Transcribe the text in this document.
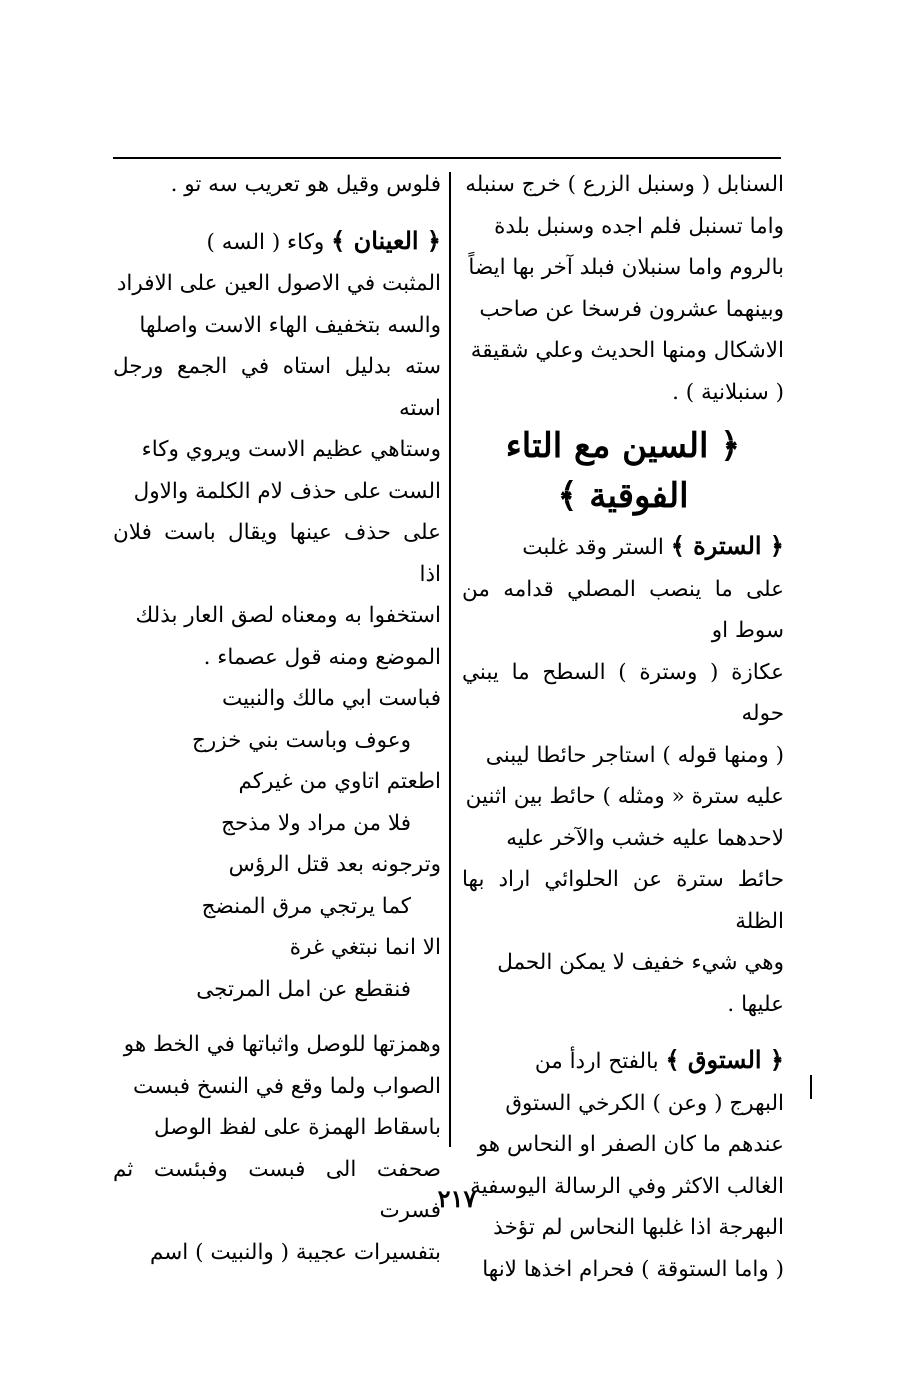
السنابل ( وسنبل الزرع ) خرج سنبله

واما تسنبل فلم اجده وسنبل بلدة

بالروم واما سنبلان فبلد آخر بها ايضاً

وبينهما عشرون فرسخا عن صاحب

الاشكال ومنها الحديث وعلي شقيقة

( سنبلانية ) .

﴿ السين مع التاء الفوقية ﴾

﴿ السترة ﴾ الستر وقد غلبت

على ما ينصب المصلي قدامه من سوط او

عكازة ( وسترة ) السطح ما يبني حوله

( ومنها قوله ) استاجر حائطا ليبنى

عليه سترة « ومثله ) حائط بين اثنين

لاحدهما عليه خشب والآخر عليه

حائط سترة عن الحلوائي اراد بها الظلة

وهي شيء خفيف لا يمكن الحمل

عليها .

﴿ الستوق ﴾ بالفتح اردأ من

البهرج ( وعن ) الكرخي الستوق

عندهم ما كان الصفر او النحاس هو

الغالب الاكثر وفي الرسالة اليوسفية

البهرجة اذا غلبها النحاس لم تؤخذ

( واما الستوقة ) فحرام اخذها لانها

فلوس وقيل هو تعريب سه تو .

﴿ العينان ﴾ وكاء ( السه )

المثبت في الاصول العين على الافراد

والسه بتخفيف الهاء الاست واصلها

سته بدليل استاه في الجمع ورجل استه

وستاهي عظيم الاست ويروي وكاء

الست على حذف لام الكلمة والاول

على حذف عينها ويقال باست فلان اذا

استخفوا به ومعناه لصق العار بذلك

الموضع ومنه قول عصماء .

فباست ابي مالك والنبيت

وعوف وباست بني خزرج

اطعتم اتاوي من غيركم

فلا من مراد ولا مذحج

وترجونه بعد قتل الرؤس

كما يرتجي مرق المنضج

الا انما نبتغي غرة

فنقطع عن امل المرتجى

وهمزتها للوصل واثباتها في الخط هو

الصواب ولما وقع في النسخ فبست

باسقاط الهمزة على لفظ الوصل

صحفت الى فبست وفبئست ثم فسرت

بتفسيرات عجيبة ( والنبيت ) اسم

٢١٧
